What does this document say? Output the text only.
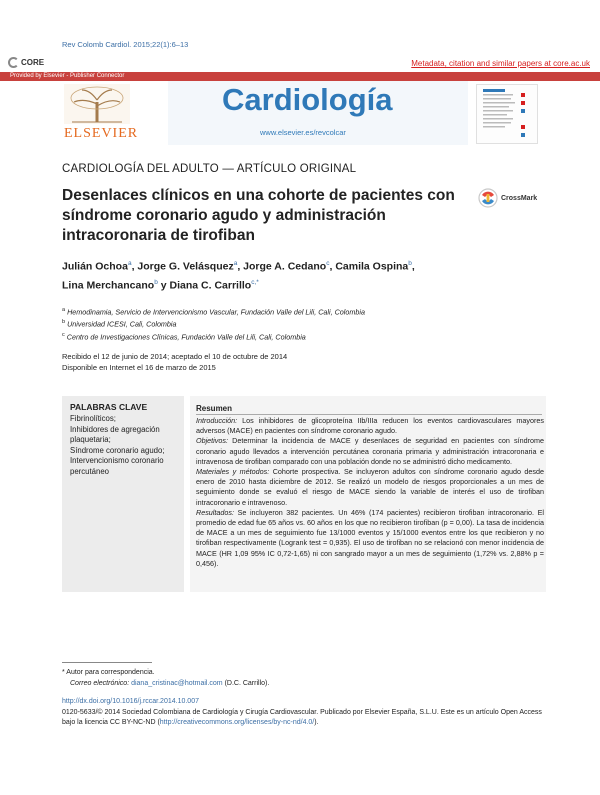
Rev Colomb Cardiol. 2015;22(1):6–13
CORE	Metadata, citation and similar papers at core.ac.uk
Provided by Elsevier - Publisher Connector
ELSEVIER
Cardiología
www.elsevier.es/revcolcar
CARDIOLOGÍA DEL ADULTO — ARTÍCULO ORIGINAL
Desenlaces clínicos en una cohorte de pacientes con síndrome coronario agudo y administración intracoronaria de tirofiban
CrossMark
Julián Ochoa$^a$, Jorge G. Velásquez$^a$, Jorge A. Cedano$^c$, Camila Ospina$^b$,
Lina Merchancano$^b$ y Diana C. Carrillo$^{c,*}$
$^a$ Hemodinamia, Servicio de Intervencionismo Vascular, Fundación Valle del Lili, Cali, Colombia
$^b$ Universidad ICESI, Cali, Colombia
$^c$ Centro de Investigaciones Clínicas, Fundación Valle del Lili, Cali, Colombia
Recibido el 12 de junio de 2014; aceptado el 10 de octubre de 2014
Disponible en Internet el 16 de marzo de 2015
PALABRAS CLAVE
Fibrinolíticos;
Inhibidores de agregación plaquetaria;
Síndrome coronario agudo;
Intervencionismo coronario percutáneo
Resumen

Introducción: Los inhibidores de glicoproteína IIb/IIIa reducen los eventos cardiovasculares mayores adversos (MACE) en pacientes con síndrome coronario agudo.

Objetivos: Determinar la incidencia de MACE y desenlaces de seguridad en pacientes con síndrome coronario agudo llevados a intervención percutánea coronaria primaria y administración intracoronaria e intravenosa de tirofiban comparado con una población donde no se administró dicho medicamento.

Materiales y métodos: Cohorte prospectiva. Se incluyeron adultos con síndrome coronario agudo desde enero de 2010 hasta diciembre de 2012. Se realizó un modelo de riesgos proporcionales a un mes de seguimiento donde se evaluó el riesgo de MACE siendo la variable de interés el uso de tirofiban intracoronario e intravenoso.

Resultados: Se incluyeron 382 pacientes. Un 46% (174 pacientes) recibieron tirofiban intracoronario. El promedio de edad fue 65 años vs. 60 años en los que no recibieron tirofiban (p = 0,00). La tasa de incidencia de MACE a un mes de seguimiento fue 13/1000 eventos y 15/1000 eventos entre los que recibieron y no tirofiban respectivamente (Logrank test = 0,935). El uso de tirofiban no se relacionó con menor incidencia de MACE (HR 1,09 95% IC 0,72-1,65) ni con sangrado mayor a un mes de seguimiento (1,72% vs. 2,88% p = 0,456).

* Autor para correspondencia.
Correo electrónico: diana_cristinac@hotmail.com (D.C. Carrillo).
http://dx.doi.org/10.1016/j.rccar.2014.10.007
0120-5633/© 2014 Sociedad Colombiana de Cardiología y Cirugía Cardiovascular. Publicado por Elsevier España, S.L.U. Este es un artículo Open Access bajo la licencia CC BY-NC-ND (http://creativecommons.org/licenses/by-nc-nd/4.0/).
